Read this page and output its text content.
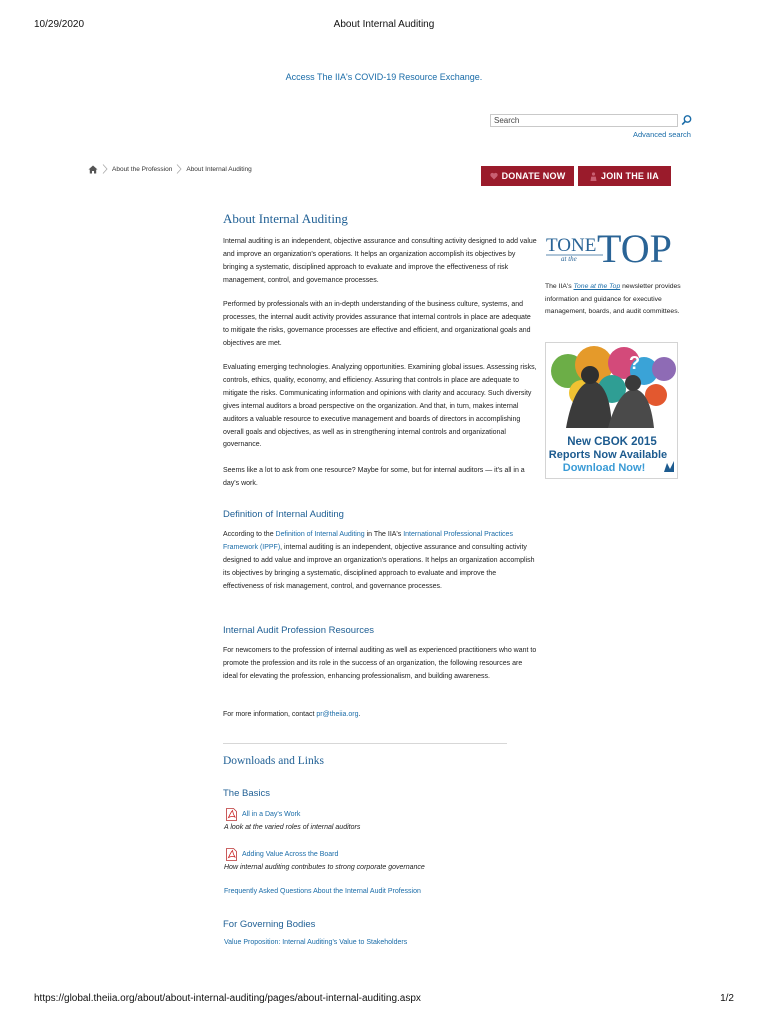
10/29/2020	About Internal Auditing
Access The IIA's COVID-19 Resource Exchange.
Search
Advanced search
About the Profession About Internal Auditing
DONATE NOW	JOIN THE IIA
About Internal Auditing

Internal auditing is an independent, objective assurance and consulting activity designed to add value and improve an organization's operations. It helps an organization accomplish its objectives by bringing a systematic, disciplined approach to evaluate and improve the effectiveness of risk management, control, and governance processes.

Performed by professionals with an in-depth understanding of the business culture, systems, and processes, the internal audit activity provides assurance that internal controls in place are adequate to mitigate the risks, governance processes are effective and efficient, and organizational goals and objectives are met.

Evaluating emerging technologies. Analyzing opportunities. Examining global issues. Assessing risks, controls, ethics, quality, economy, and efficiency. Assuring that controls in place are adequate to mitigate the risks. Communicating information and opinions with clarity and accuracy. Such diversity gives internal auditors a broad perspective on the organization. And that, in turn, makes internal auditors a valuable resource to executive management and boards of directors in accomplishing overall goals and objectives, as well as in strengthening internal controls and organizational governance.

Seems like a lot to ask from one resource? Maybe for some, but for internal auditors — it's all in a day's work.

Definition of Internal Auditing

According to the Definition of Internal Auditing in The IIA's International Professional Practices Framework (IPPF), internal auditing is an independent, objective assurance and consulting activity designed to add value and improve an organization's operations. It helps an organization accomplish its objectives by bringing a systematic, disciplined approach to evaluate and improve the effectiveness of risk management, control, and governance processes.

Internal Audit Profession Resources

For newcomers to the profession of internal auditing as well as experienced practitioners who want to promote the profession and its role in the success of an organization, the following resources are ideal for elevating the profession, enhancing professionalism, and building awareness.

For more information, contact pr@theiia.org.

Downloads and Links
The Basics
All in a Day's Work
A look at the varied roles of internal auditors
Adding Value Across the Board
How internal auditing contributes to strong corporate governance
Frequently Asked Questions About the Internal Audit Profession
For Governing Bodies
Value Proposition: Internal Auditing's Value to Stakeholders
TONE
at the TOP

The IIA's Tone at the Top newsletter provides information and guidance for executive management, boards, and audit committees.

?
New CBOK 2015
Reports Now Available
Download Now!
https://global.theiia.org/about/about-internal-auditing/pages/about-internal-auditing.aspx	1/2
